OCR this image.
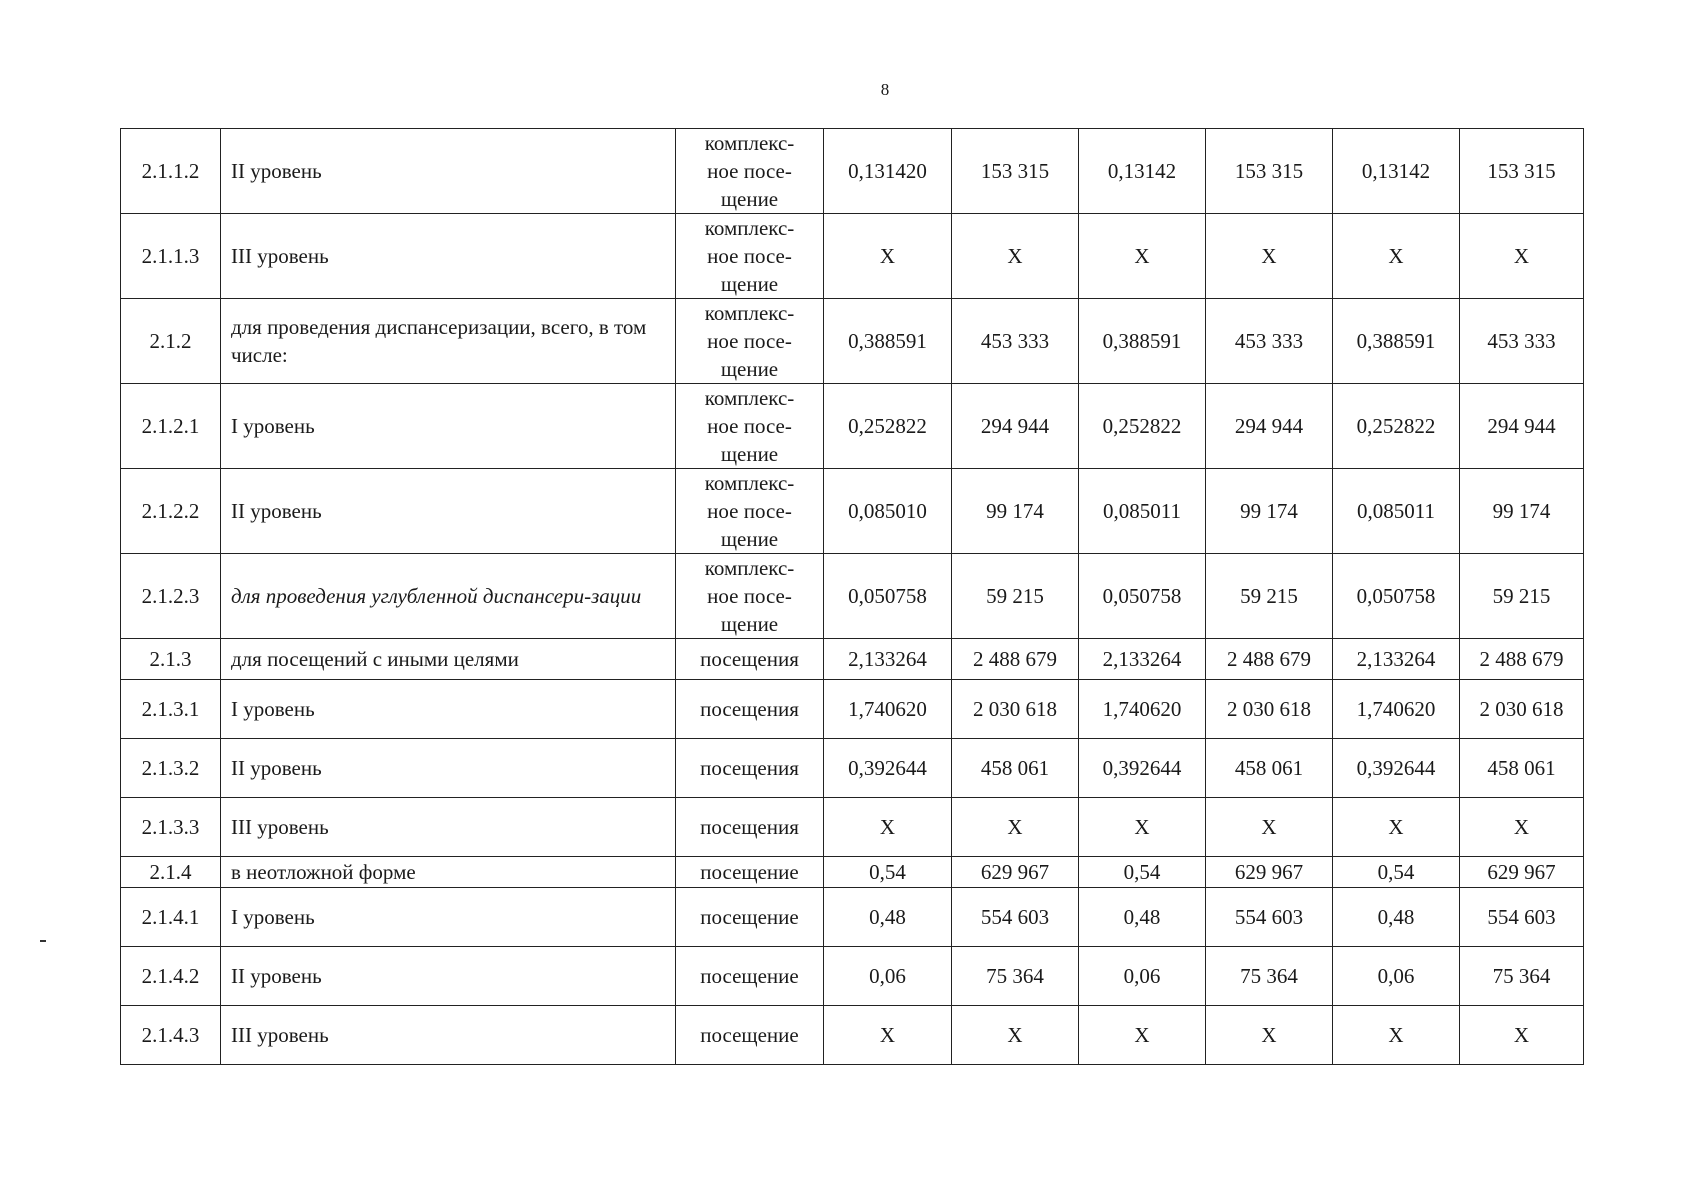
8
2.1.1.2	II уровень	комплекс-
ное посе-
щение	0,131420	153 315	0,13142	153 315	0,13142	153 315
2.1.1.3	III уровень	комплекс-
ное посе-
щение	Х	Х	Х	Х	Х	Х
2.1.2	для проведения диспансеризации, всего, в том числе:	комплекс-
ное посе-
щение	0,388591	453 333	0,388591	453 333	0,388591	453 333
2.1.2.1	I уровень	комплекс-
ное посе-
щение	0,252822	294 944	0,252822	294 944	0,252822	294 944
2.1.2.2	II уровень	комплекс-
ное посе-
щение	0,085010	99 174	0,085011	99 174	0,085011	99 174
2.1.2.3	для проведения углубленной диспансери-зации	комплекс-
ное посе-
щение	0,050758	59 215	0,050758	59 215	0,050758	59 215
2.1.3	для посещений с иными целями	посещения	2,133264	2 488 679	2,133264	2 488 679	2,133264	2 488 679
2.1.3.1	I уровень	посещения	1,740620	2 030 618	1,740620	2 030 618	1,740620	2 030 618
2.1.3.2	II уровень	посещения	0,392644	458 061	0,392644	458 061	0,392644	458 061
2.1.3.3	III уровень	посещения	Х	Х	Х	Х	Х	Х
2.1.4	в неотложной форме	посещение	0,54	629 967	0,54	629 967	0,54	629 967
2.1.4.1	I уровень	посещение	0,48	554 603	0,48	554 603	0,48	554 603
2.1.4.2	II уровень	посещение	0,06	75 364	0,06	75 364	0,06	75 364
2.1.4.3	III уровень	посещение	Х	Х	Х	Х	Х	Х
